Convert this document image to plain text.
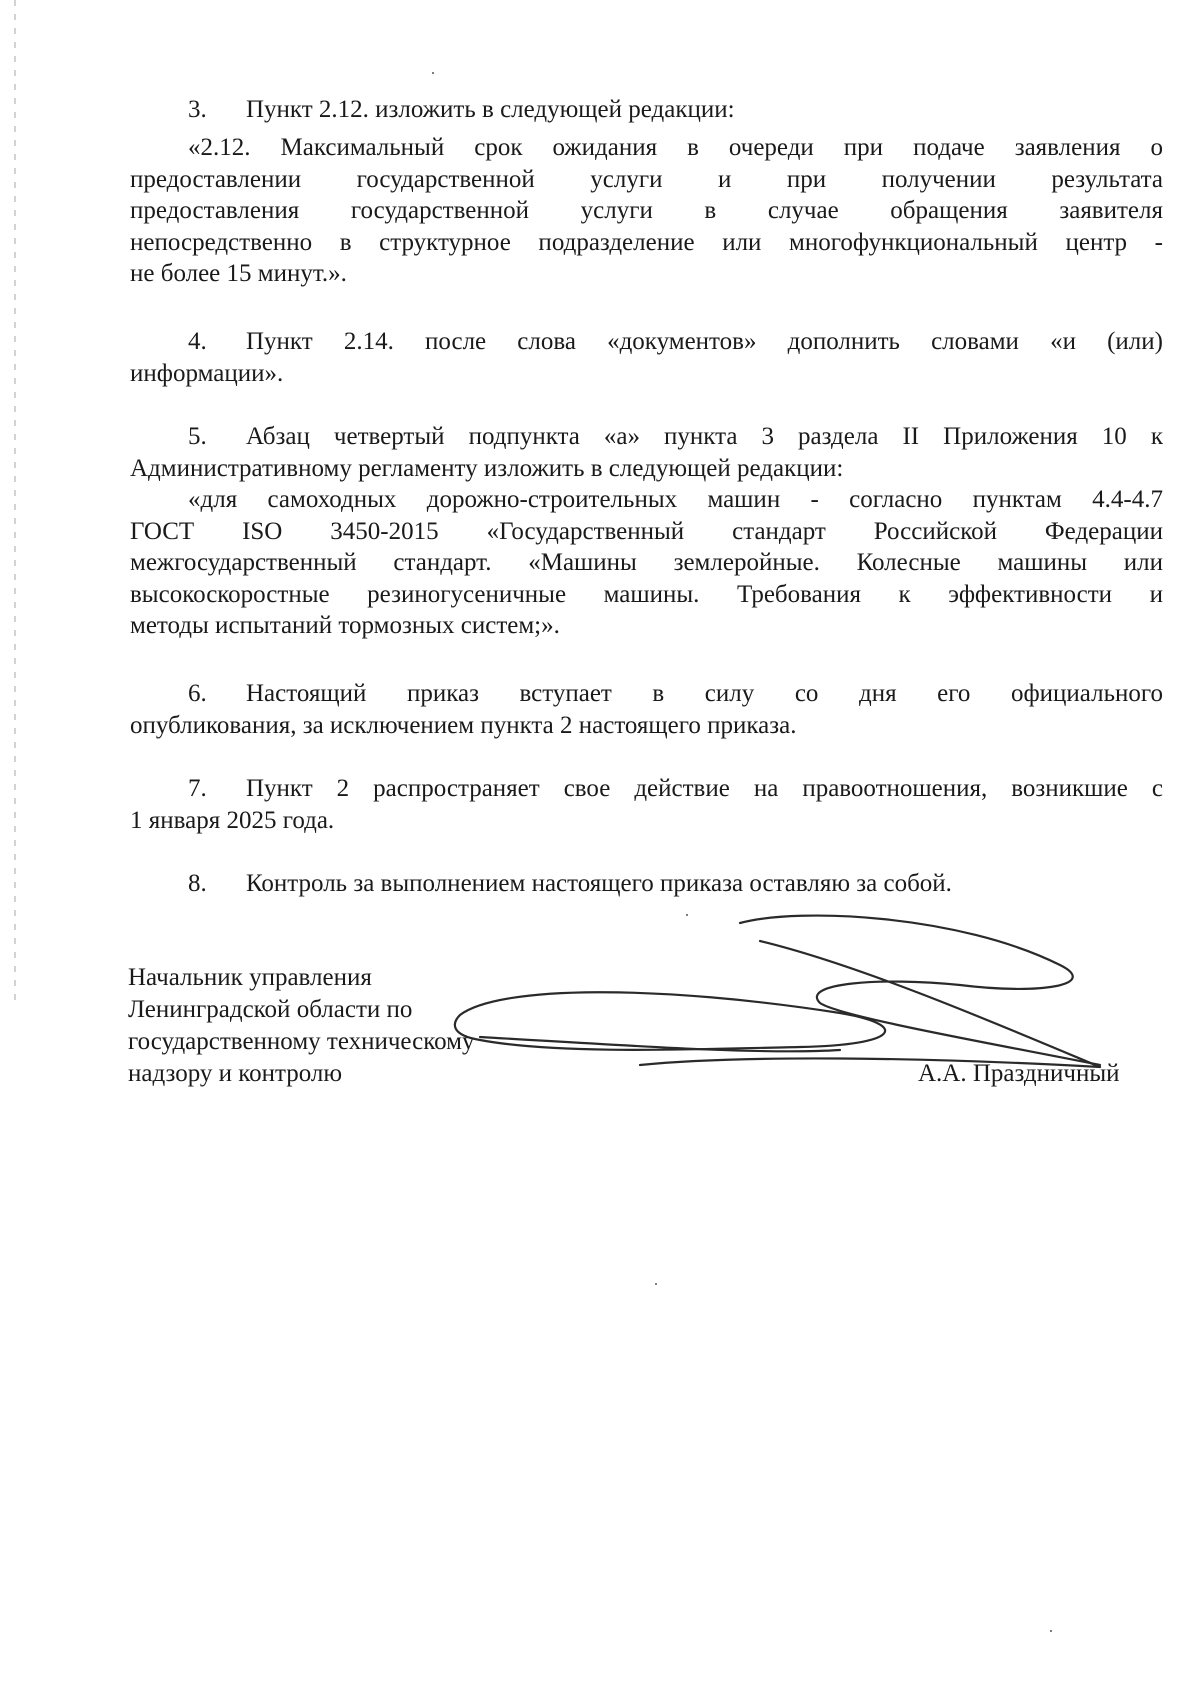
3. Пункт 2.12. изложить в следующей редакции:
«2.12. Максимальный срок ожидания в очереди при подаче заявления о
предоставлении государственной услуги и при получении результата
предоставления государственной услуги в случае обращения заявителя
непосредственно в структурное подразделение или многофункциональный центр -
не более 15 минут.».
4. Пункт 2.14. после слова «документов» дополнить словами «и (или)
информации».
5. Абзац четвертый подпункта «а» пункта 3 раздела II Приложения 10 к
Административному регламенту изложить в следующей редакции:
«для самоходных дорожно-строительных машин - согласно пунктам 4.4-4.7
ГОСТ ISO 3450-2015 «Государственный стандарт Российской Федерации
межгосударственный стандарт. «Машины землеройные. Колесные машины или
высокоскоростные резиногусеничные машины. Требования к эффективности и
методы испытаний тормозных систем;».
6. Настоящий приказ вступает в силу со дня его официального
опубликования, за исключением пункта 2 настоящего приказа.
7. Пункт 2 распространяет свое действие на правоотношения, возникшие с
1 января 2025 года.
8. Контроль за выполнением настоящего приказа оставляю за собой.
Начальник управления
Ленинградской области по
государственному техническому
надзору и контролю	А.А. Праздничный
